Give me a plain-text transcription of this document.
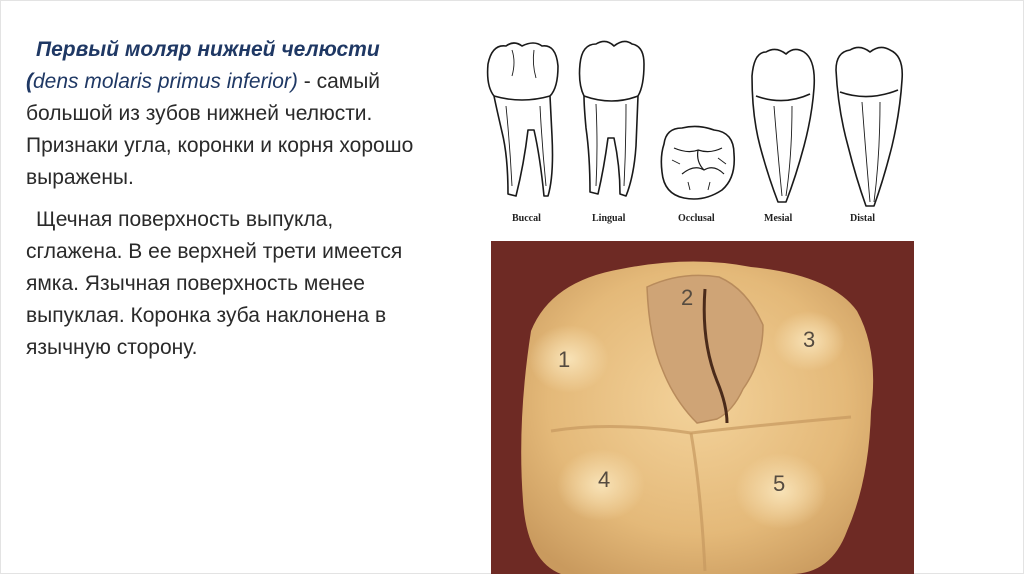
Первый моляр нижней челюсти (dens molaris primus inferior) - самый большой из зубов нижней челюсти. Признаки угла, коронки и корня хорошо выражены.

Щечная поверхность выпукла, сглажена. В ее верхней трети имеется ямка. Язычная поверхность менее выпуклая. Коронка зуба наклонена в язычную сторону.

Buccal	Lingual	Occlusal	Mesial	Distal
1
2
3
4	5
